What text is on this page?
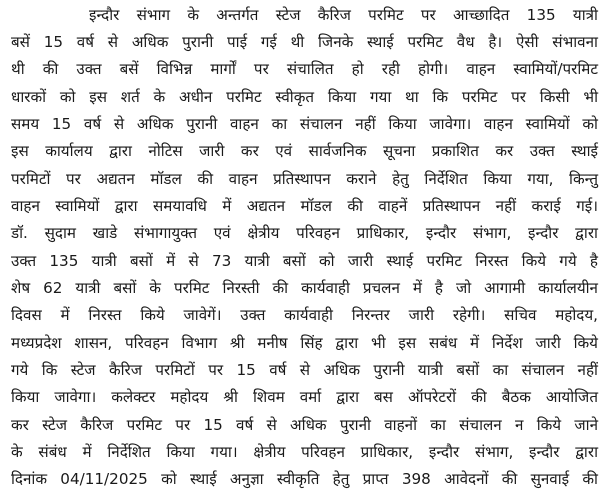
इन्दौर संभाग के अन्तर्गत स्टेज कैरिज परमिट पर आच्छादित 135 यात्री
बसें 15 वर्ष से अधिक पुरानी पाई गई थी जिनके स्थाई परमिट वैध है। ऐसी संभावना
थी की उक्त बसें विभिन्न मार्गों पर संचालित हो रही होगी। वाहन स्वामियों/परमिट
धारकों को इस शर्त के अधीन परमिट स्वीकृत किया गया था कि परमिट पर किसी भी
समय 15 वर्ष से अधिक पुरानी वाहन का संचालन नहीं किया जावेगा। वाहन स्वामियों को
इस कार्यालय द्वारा नोटिस जारी कर एवं सार्वजनिक सूचना प्रकाशित कर उक्त स्थाई
परमिटों पर अद्यतन मॉडल की वाहन प्रतिस्थापन कराने हेतु निर्देशित किया गया, किन्तु
वाहन स्वामियों द्वारा समयावधि में अद्यतन मॉडल की वाहनें प्रतिस्थापन नहीं कराई गई।
डॉ. सुदाम खाडे संभागायुक्त एवं क्षेत्रीय परिवहन प्राधिकार, इन्दौर संभाग, इन्दौर द्वारा
उक्त 135 यात्री बसों में से 73 यात्री बसों को जारी स्थाई परमिट निरस्त किये गये है
शेष 62 यात्री बसों के परमिट निरस्ती की कार्यवाही प्रचलन में है जो आगामी कार्यालयीन
दिवस में निरस्त किये जावेगें। उक्त कार्यवाही निरन्तर जारी रहेगी। सचिव महोदय,
मध्यप्रदेश शासन, परिवहन विभाग श्री मनीष सिंह द्वारा भी इस सबंध में निर्देश जारी किये
गये कि स्टेज कैरिज परमिटों पर 15 वर्ष से अधिक पुरानी यात्री बसों का संचालन नहीं
किया जावेगा। कलेक्टर महोदय श्री शिवम वर्मा द्वारा बस ऑपरेटरों की बैठक आयोजित
कर स्टेज कैरिज परमिट पर 15 वर्ष से अधिक पुरानी वाहनों का संचालन न किये जाने
के संबंध में निर्देशित किया गया। क्षेत्रीय परिवहन प्राधिकार, इन्दौर संभाग, इन्दौर द्वारा
दिनांक 04/11/2025 को स्थाई अनुज्ञा स्वीकृति हेतु प्राप्त 398 आवेदनों की सुनवाई की
